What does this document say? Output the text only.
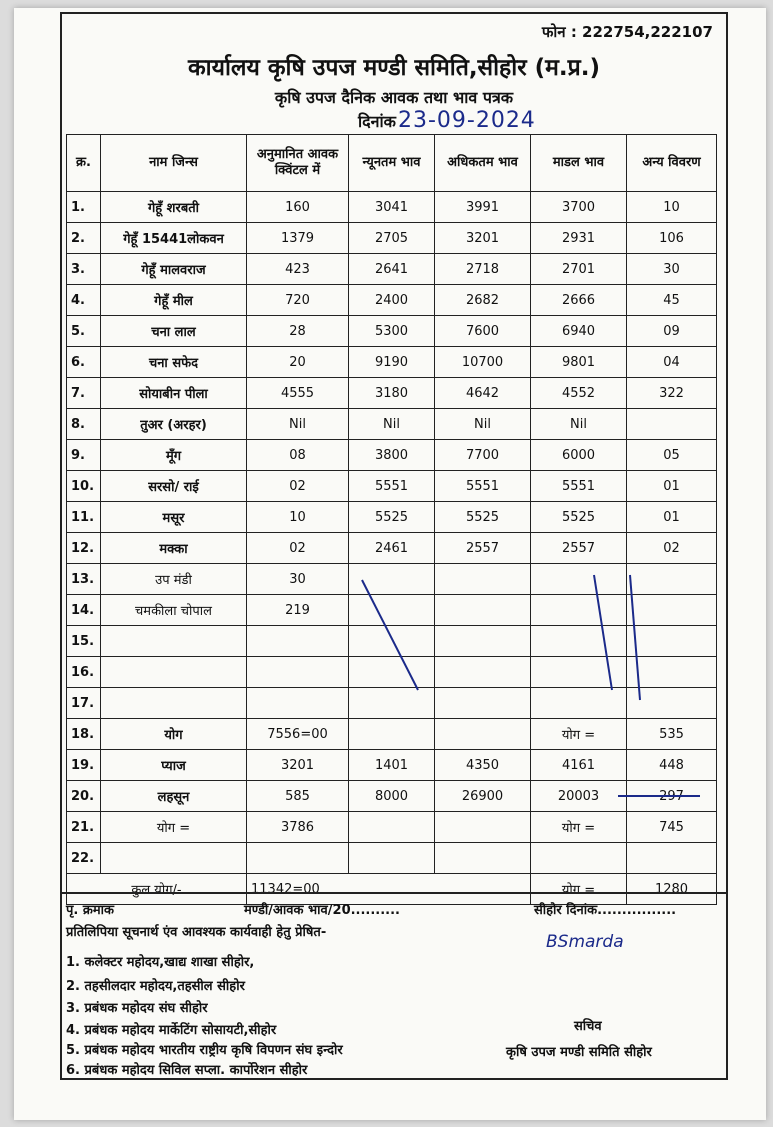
फोन : 222754,222107
कार्यालय कृषि उपज मण्डी समिति,सीहोर (म.प्र.)
कृषि उपज दैनिक आवक तथा भाव पत्रक
दिनांक23-09-2024
क्र.	नाम जिन्स	अनुमानित आवक क्विंटल में	न्यूनतम भाव	अधिकतम भाव	माडल भाव	अन्य विवरण
1.	गेहूँ शरबती	160	3041	3991	3700	10
2.	गेहूँ 15441लोकवन	1379	2705	3201	2931	106
3.	गेहूँ मालवराज	423	2641	2718	2701	30
4.	गेहूँ मील	720	2400	2682	2666	45
5.	चना लाल	28	5300	7600	6940	09
6.	चना सफेद	20	9190	10700	9801	04
7.	सोयाबीन पीला	4555	3180	4642	4552	322
8.	तुअर (अरहर)	Nil	Nil	Nil	Nil	
9.	मूँग	08	3800	7700	6000	05
10.	सरसो/ राई	02	5551	5551	5551	01
11.	मसूर	10	5525	5525	5525	01
12.	मक्का	02	2461	2557	2557	02
13.	उप मंडी	30				
14.	चमकीला चोपाल	219				
15.						
16.						
17.						
18.	योग	7556=00			योग =	535
19.	प्याज	3201	1401	4350	4161	448
20.	लहसून	585	8000	26900	20003	297
21.	योग =	3786			योग =	745
22.						
कुल योग/-		11342=00			योग =	1280
पृ. क्रमाक	मण्डी/आवक भाव/20..........	सीहोर दिनांक................
प्रतिलिपिया सूचनार्थ एंव आवश्यक कार्यवाही हेतु प्रेषित-
1. कलेक्टर महोदय,खाद्य शाखा सीहोर,
2. तहसीलदार महोदय,तहसील सीहोर
3. प्रबंधक महोदय संघ सीहोर
4. प्रबंधक महोदय मार्केटिंग सोसायटी,सीहोर
5. प्रबंधक महोदय भारतीय राष्ट्रीय कृषि विपणन संघ इन्दोर
6. प्रबंधक महोदय सिविल सप्ला. कार्पोरेशन सीहोर
BSmarda
सचिव
कृषि उपज मण्डी समिति सीहोर
